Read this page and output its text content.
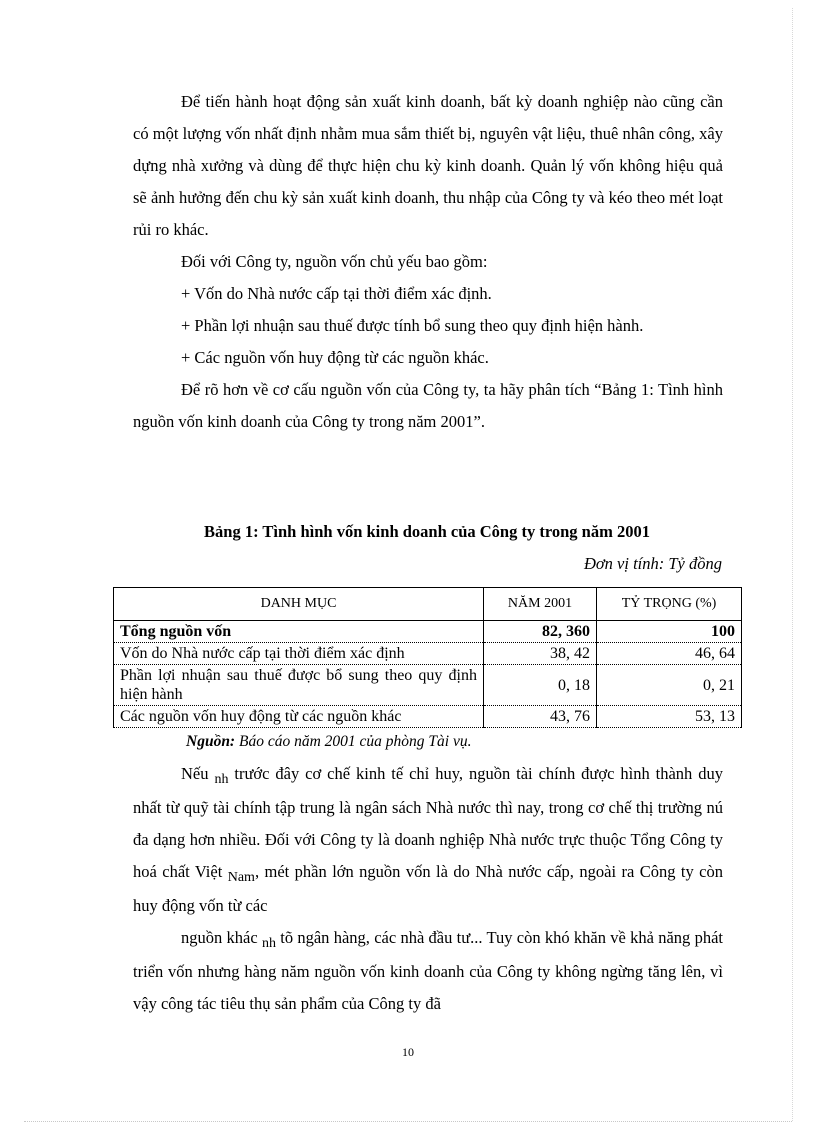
Để tiến hành hoạt động sản xuất kinh doanh, bất kỳ doanh nghiệp nào cũng cần có một lượng vốn nhất định nhằm mua sắm thiết bị, nguyên vật liệu, thuê nhân công, xây dựng nhà xưởng và dùng để thực hiện chu kỳ kinh doanh. Quản lý vốn không hiệu quả sẽ ảnh hưởng đến chu kỳ sản xuất kinh doanh, thu nhập của Công ty và kéo theo mét loạt rủi ro khác.

Đối với Công ty, nguồn vốn chủ yếu bao gồm:

+ Vốn do Nhà nước cấp tại thời điểm xác định.

+ Phần lợi nhuận sau thuế được tính bổ sung theo quy định hiện hành.

+ Các nguồn vốn huy động từ các nguồn khác.

Để rõ hơn về cơ cấu nguồn vốn của Công ty, ta hãy phân tích “Bảng 1: Tình hình nguồn vốn kinh doanh của Công ty trong năm 2001”.

Bảng 1: Tình hình vốn kinh doanh của Công ty trong năm 2001
Đơn vị tính: Tỷ đồng
DANH MỤC	NĂM 2001	TỶ TRỌNG (%)
Tổng nguồn vốn	82, 360	100
Vốn do Nhà nước cấp tại thời điểm xác định	38, 42	46, 64
Phần lợi nhuận sau thuế được bổ sung theo quy định hiện hành	0, 18	0, 21
Các nguồn vốn huy động từ các nguồn khác	43, 76	53, 13
Nguồn: Báo cáo năm 2001 của phòng Tài vụ.

Nếu $_{nh}$ trước đây cơ chế kinh tế chỉ huy, nguồn tài chính được hình thành duy nhất từ quỹ tài chính tập trung là ngân sách Nhà nước thì nay, trong cơ chế thị trường nú đa dạng hơn nhiều. Đối với Công ty là doanh nghiệp Nhà nước trực thuộc Tổng Công ty hoá chất Việt $_{Nam}$, mét phần lớn nguồn vốn là do Nhà nước cấp, ngoài ra Công ty còn huy động vốn từ các

nguồn khác $_{nh}$ tõ ngân hàng, các nhà đầu tư... Tuy còn khó khăn về khả năng phát triển vốn nhưng hàng năm nguồn vốn kinh doanh của Công ty không ngừng tăng lên, vì vậy công tác tiêu thụ sản phẩm của Công ty đã

10
